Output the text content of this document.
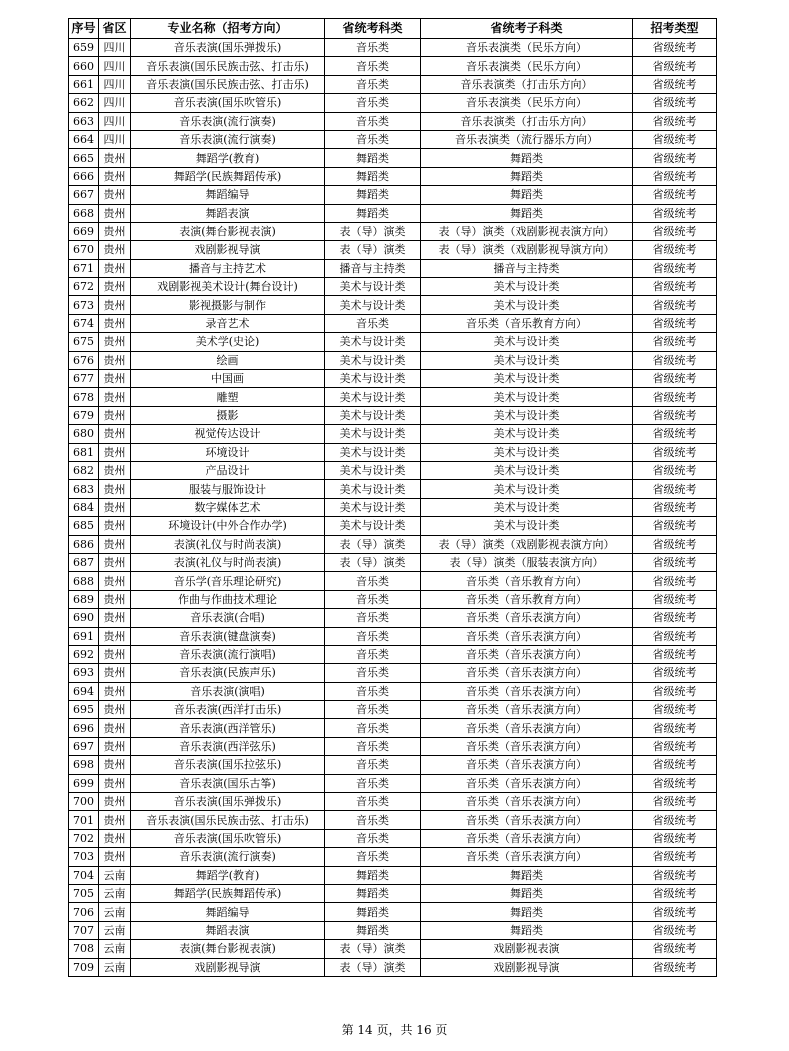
序号	省区	专业名称（招考方向）	省统考科类	省统考子科类	招考类型
659	四川	音乐表演(国乐弹拨乐)	音乐类	音乐表演类（民乐方向）	省级统考
660	四川	音乐表演(国乐民族击弦、打击乐)	音乐类	音乐表演类（民乐方向）	省级统考
661	四川	音乐表演(国乐民族击弦、打击乐)	音乐类	音乐表演类（打击乐方向）	省级统考
662	四川	音乐表演(国乐吹管乐)	音乐类	音乐表演类（民乐方向）	省级统考
663	四川	音乐表演(流行演奏)	音乐类	音乐表演类（打击乐方向）	省级统考
664	四川	音乐表演(流行演奏)	音乐类	音乐表演类（流行器乐方向）	省级统考
665	贵州	舞蹈学(教育)	舞蹈类	舞蹈类	省级统考
666	贵州	舞蹈学(民族舞蹈传承)	舞蹈类	舞蹈类	省级统考
667	贵州	舞蹈编导	舞蹈类	舞蹈类	省级统考
668	贵州	舞蹈表演	舞蹈类	舞蹈类	省级统考
669	贵州	表演(舞台影视表演)	表（导）演类	表（导）演类（戏剧影视表演方向）	省级统考
670	贵州	戏剧影视导演	表（导）演类	表（导）演类（戏剧影视导演方向）	省级统考
671	贵州	播音与主持艺术	播音与主持类	播音与主持类	省级统考
672	贵州	戏剧影视美术设计(舞台设计)	美术与设计类	美术与设计类	省级统考
673	贵州	影视摄影与制作	美术与设计类	美术与设计类	省级统考
674	贵州	录音艺术	音乐类	音乐类（音乐教育方向）	省级统考
675	贵州	美术学(史论)	美术与设计类	美术与设计类	省级统考
676	贵州	绘画	美术与设计类	美术与设计类	省级统考
677	贵州	中国画	美术与设计类	美术与设计类	省级统考
678	贵州	雕塑	美术与设计类	美术与设计类	省级统考
679	贵州	摄影	美术与设计类	美术与设计类	省级统考
680	贵州	视觉传达设计	美术与设计类	美术与设计类	省级统考
681	贵州	环境设计	美术与设计类	美术与设计类	省级统考
682	贵州	产品设计	美术与设计类	美术与设计类	省级统考
683	贵州	服装与服饰设计	美术与设计类	美术与设计类	省级统考
684	贵州	数字媒体艺术	美术与设计类	美术与设计类	省级统考
685	贵州	环境设计(中外合作办学)	美术与设计类	美术与设计类	省级统考
686	贵州	表演(礼仪与时尚表演)	表（导）演类	表（导）演类（戏剧影视表演方向）	省级统考
687	贵州	表演(礼仪与时尚表演)	表（导）演类	表（导）演类（服装表演方向）	省级统考
688	贵州	音乐学(音乐理论研究)	音乐类	音乐类（音乐教育方向）	省级统考
689	贵州	作曲与作曲技术理论	音乐类	音乐类（音乐教育方向）	省级统考
690	贵州	音乐表演(合唱)	音乐类	音乐类（音乐表演方向）	省级统考
691	贵州	音乐表演(键盘演奏)	音乐类	音乐类（音乐表演方向）	省级统考
692	贵州	音乐表演(流行演唱)	音乐类	音乐类（音乐表演方向）	省级统考
693	贵州	音乐表演(民族声乐)	音乐类	音乐类（音乐表演方向）	省级统考
694	贵州	音乐表演(演唱)	音乐类	音乐类（音乐表演方向）	省级统考
695	贵州	音乐表演(西洋打击乐)	音乐类	音乐类（音乐表演方向）	省级统考
696	贵州	音乐表演(西洋管乐)	音乐类	音乐类（音乐表演方向）	省级统考
697	贵州	音乐表演(西洋弦乐)	音乐类	音乐类（音乐表演方向）	省级统考
698	贵州	音乐表演(国乐拉弦乐)	音乐类	音乐类（音乐表演方向）	省级统考
699	贵州	音乐表演(国乐古筝)	音乐类	音乐类（音乐表演方向）	省级统考
700	贵州	音乐表演(国乐弹拨乐)	音乐类	音乐类（音乐表演方向）	省级统考
701	贵州	音乐表演(国乐民族击弦、打击乐)	音乐类	音乐类（音乐表演方向）	省级统考
702	贵州	音乐表演(国乐吹管乐)	音乐类	音乐类（音乐表演方向）	省级统考
703	贵州	音乐表演(流行演奏)	音乐类	音乐类（音乐表演方向）	省级统考
704	云南	舞蹈学(教育)	舞蹈类	舞蹈类	省级统考
705	云南	舞蹈学(民族舞蹈传承)	舞蹈类	舞蹈类	省级统考
706	云南	舞蹈编导	舞蹈类	舞蹈类	省级统考
707	云南	舞蹈表演	舞蹈类	舞蹈类	省级统考
708	云南	表演(舞台影视表演)	表（导）演类	戏剧影视表演	省级统考
709	云南	戏剧影视导演	表（导）演类	戏剧影视导演	省级统考
第 14 页，共 16 页
